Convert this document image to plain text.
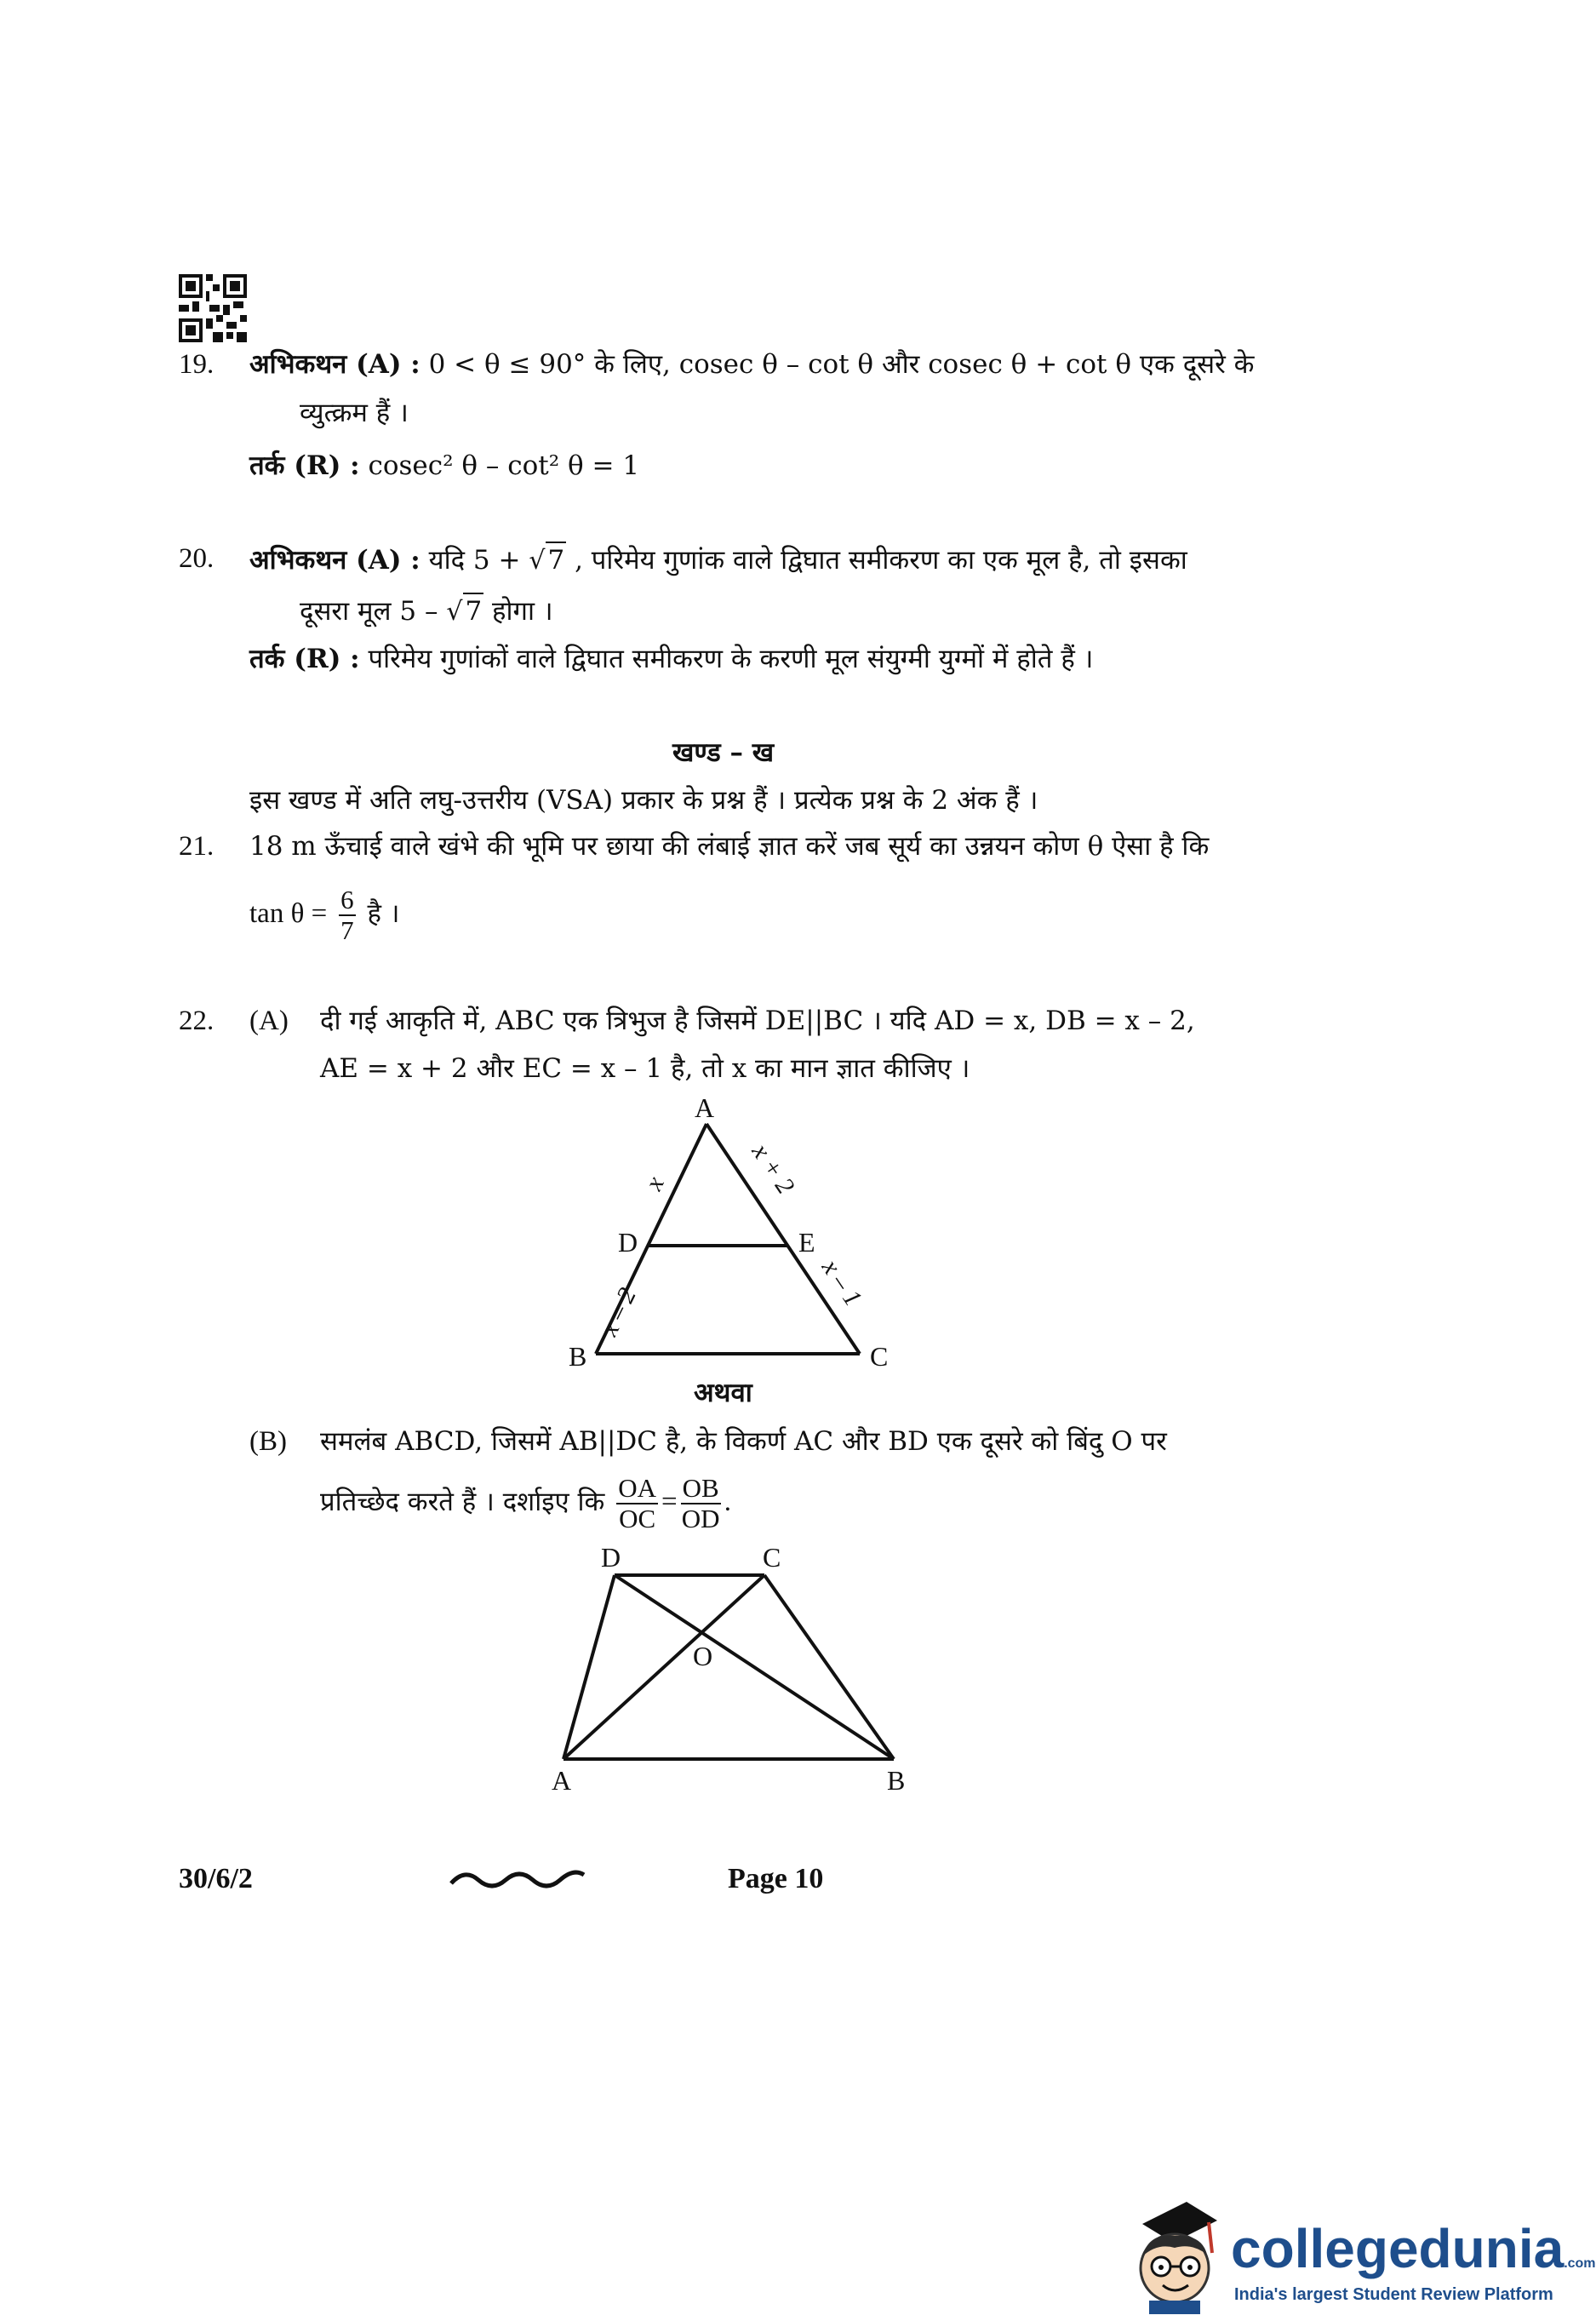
19. अभिकथन (A) : 0 < θ ≤ 90° के लिए, cosec θ – cot θ और cosec θ + cot θ एक दूसरे के
व्युत्क्रम हैं ।
तर्क (R) : cosec² θ – cot² θ = 1
20. अभिकथन (A) : यदि 5 + √7 , परिमेय गुणांक वाले द्विघात समीकरण का एक मूल है, तो इसका
दूसरा मूल 5 – √7 होगा ।
तर्क (R) : परिमेय गुणांकों वाले द्विघात समीकरण के करणी मूल संयुग्मी युग्मों में होते हैं ।
खण्ड – ख
इस खण्ड में अति लघु-उत्तरीय (VSA) प्रकार के प्रश्न हैं । प्रत्येक प्रश्न के 2 अंक हैं ।
21. 18 m ऊँचाई वाले खंभे की भूमि पर छाया की लंबाई ज्ञात करें जब सूर्य का उन्नयन कोण θ ऐसा है कि
$\tan \theta = \frac{6}{7}$ है ।
22. (A) दी गई आकृति में, ABC एक त्रिभुज है जिसमें DE||BC । यदि AD = x, DB = x – 2,
AE = x + 2 और EC = x – 1 है, तो x का मान ज्ञात कीजिए ।
A
B	C
D	E
x	x + 2
x – 2
x – 1
अथवा
(B) समलंब ABCD, जिसमें AB||DC है, के विकर्ण AC और BD एक दूसरे को बिंदु O पर
प्रतिच्छेद करते हैं । दर्शाइए कि $\frac{OA}{OC} = \frac{OB}{OD}$ .
D	C
O
A	B
30/6/2	Page 10
collegedunia.com
India's largest Student Review Platform
